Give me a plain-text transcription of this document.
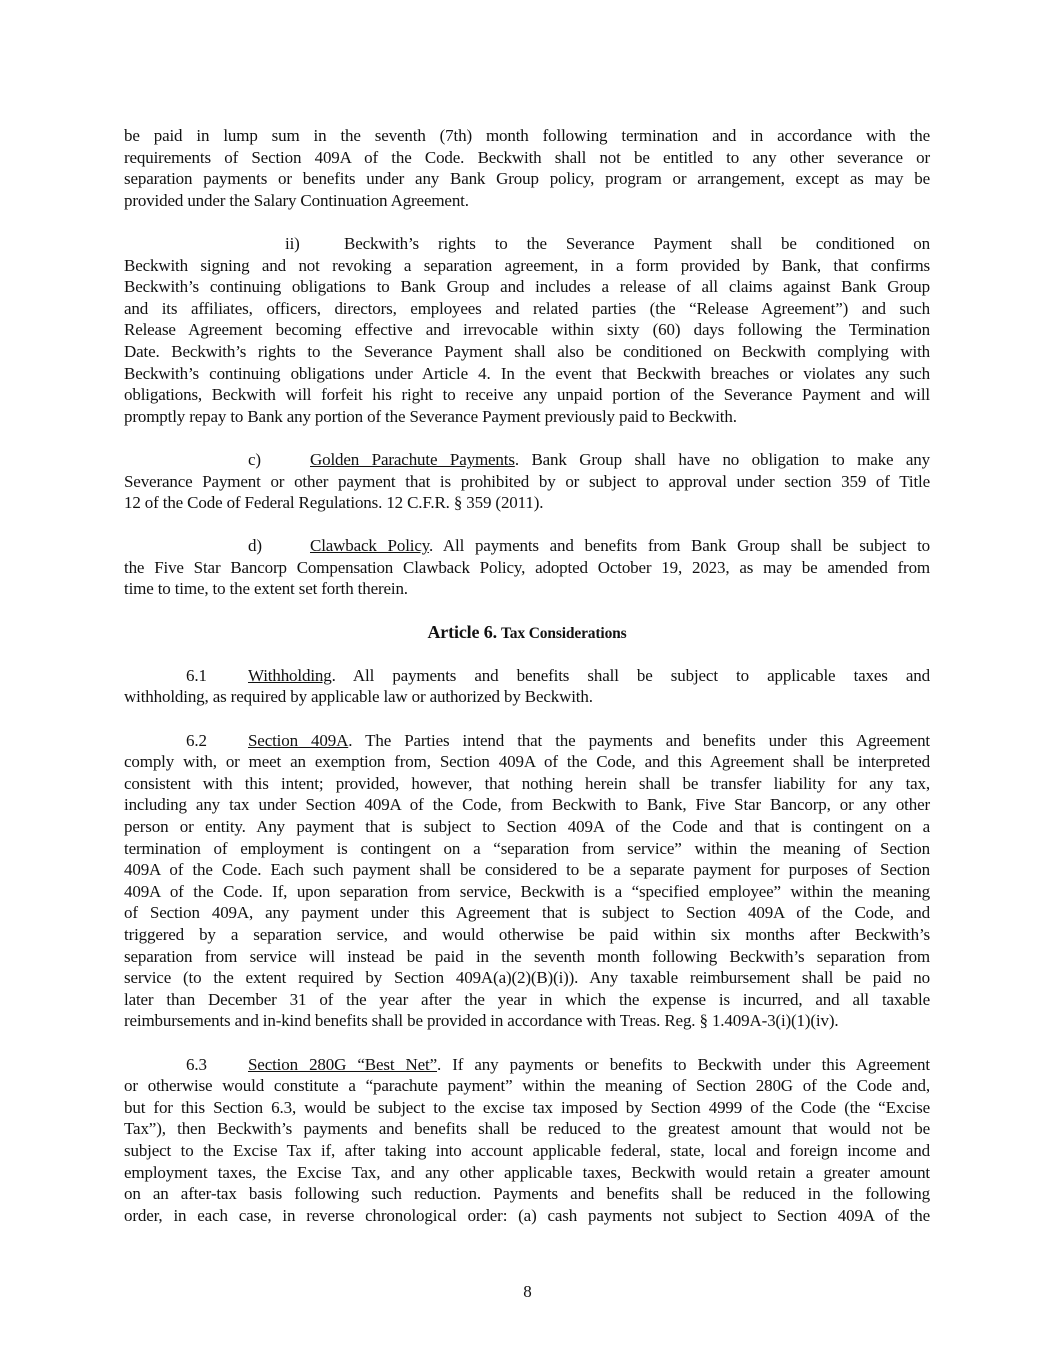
be paid in lump sum in the seventh (7th) month following termination and in accordance with the
requirements of Section 409A of the Code. Beckwith shall not be entitled to any other severance or
separation payments or benefits under any Bank Group policy, program or arrangement, except as may be
provided under the Salary Continuation Agreement.
ii)	Beckwith’s rights to the Severance Payment shall be conditioned on
Beckwith signing and not revoking a separation agreement, in a form provided by Bank, that confirms
Beckwith’s continuing obligations to Bank Group and includes a release of all claims against Bank Group
and its affiliates, officers, directors, employees and related parties (the “Release Agreement”) and such
Release Agreement becoming effective and irrevocable within sixty (60) days following the Termination
Date. Beckwith’s rights to the Severance Payment shall also be conditioned on Beckwith complying with
Beckwith’s continuing obligations under Article 4. In the event that Beckwith breaches or violates any such
obligations, Beckwith will forfeit his right to receive any unpaid portion of the Severance Payment and will
promptly repay to Bank any portion of the Severance Payment previously paid to Beckwith.
c)	Golden Parachute Payments. Bank Group shall have no obligation to make any
Severance Payment or other payment that is prohibited by or subject to approval under section 359 of Title
12 of the Code of Federal Regulations. 12 C.F.R. § 359 (2011).
d)	Clawback Policy. All payments and benefits from Bank Group shall be subject to
the Five Star Bancorp Compensation Clawback Policy, adopted October 19, 2023, as may be amended from
time to time, to the extent set forth therein.
Article 6. Tax Considerations
6.1	Withholding. All payments and benefits shall be subject to applicable taxes and
withholding, as required by applicable law or authorized by Beckwith.
6.2	Section 409A. The Parties intend that the payments and benefits under this Agreement
comply with, or meet an exemption from, Section 409A of the Code, and this Agreement shall be interpreted
consistent with this intent; provided, however, that nothing herein shall be transfer liability for any tax,
including any tax under Section 409A of the Code, from Beckwith to Bank, Five Star Bancorp, or any other
person or entity. Any payment that is subject to Section 409A of the Code and that is contingent on a
termination of employment is contingent on a “separation from service” within the meaning of Section
409A of the Code. Each such payment shall be considered to be a separate payment for purposes of Section
409A of the Code. If, upon separation from service, Beckwith is a “specified employee” within the meaning
of Section 409A, any payment under this Agreement that is subject to Section 409A of the Code, and
triggered by a separation service, and would otherwise be paid within six months after Beckwith’s
separation from service will instead be paid in the seventh month following Beckwith’s separation from
service (to the extent required by Section 409A(a)(2)(B)(i)). Any taxable reimbursement shall be paid no
later than December 31 of the year after the year in which the expense is incurred, and all taxable
reimbursements and in-kind benefits shall be provided in accordance with Treas. Reg. § 1.409A-3(i)(1)(iv).
6.3	Section 280G “Best Net”. If any payments or benefits to Beckwith under this Agreement
or otherwise would constitute a “parachute payment” within the meaning of Section 280G of the Code and,
but for this Section 6.3, would be subject to the excise tax imposed by Section 4999 of the Code (the “Excise
Tax”), then Beckwith’s payments and benefits shall be reduced to the greatest amount that would not be
subject to the Excise Tax if, after taking into account applicable federal, state, local and foreign income and
employment taxes, the Excise Tax, and any other applicable taxes, Beckwith would retain a greater amount
on an after-tax basis following such reduction. Payments and benefits shall be reduced in the following
order, in each case, in reverse chronological order: (a) cash payments not subject to Section 409A of the
8
